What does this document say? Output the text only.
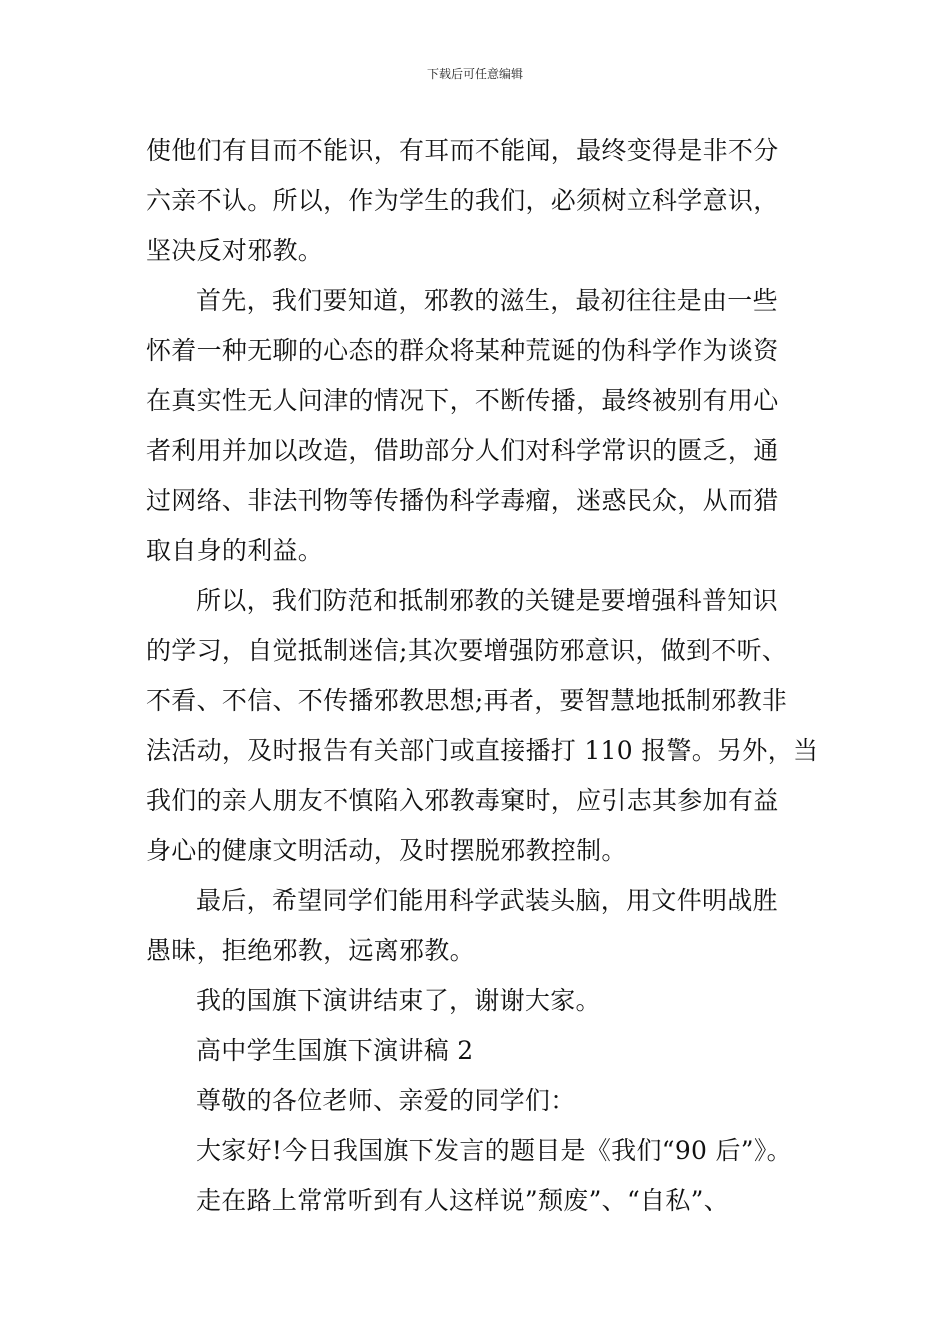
下载后可任意编辑
使他们有目而不能识，有耳而不能闻，最终变得是非不分
六亲不认。所以，作为学生的我们，必须树立科学意识，
坚决反对邪教。
首先，我们要知道，邪教的滋生，最初往往是由一些
怀着一种无聊的心态的群众将某种荒诞的伪科学作为谈资
在真实性无人问津的情况下，不断传播，最终被别有用心
者利用并加以改造，借助部分人们对科学常识的匮乏，通
过网络、非法刊物等传播伪科学毒瘤，迷惑民众，从而猎
取自身的利益。
所以，我们防范和抵制邪教的关键是要增强科普知识
的学习，自觉抵制迷信;其次要增强防邪意识，做到不听、
不看、不信、不传播邪教思想;再者，要智慧地抵制邪教非
法活动，及时报告有关部门或直接播打 110 报警。另外，当
我们的亲人朋友不慎陷入邪教毒窠时，应引志其参加有益
身心的健康文明活动，及时摆脱邪教控制。
最后，希望同学们能用科学武装头脑，用文件明战胜
愚昧，拒绝邪教，远离邪教。
我的国旗下演讲结束了，谢谢大家。
高中学生国旗下演讲稿 2
尊敬的各位老师、亲爱的同学们：
大家好!今日我国旗下发言的题目是《我们“90 后”》。
走在路上常常听到有人这样说”颓废”、“自私”、
